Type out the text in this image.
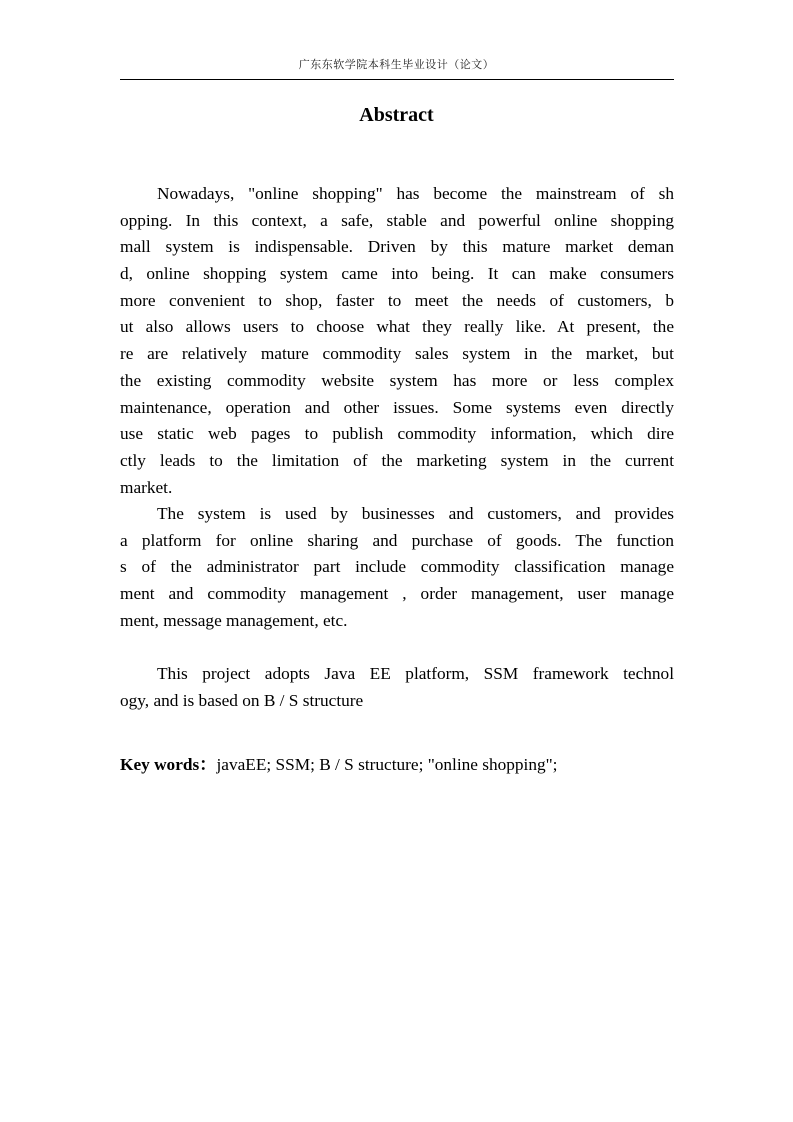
广东东软学院本科生毕业设计（论文）
Abstract
Nowadays, "online shopping" has become the mainstream of sh
opping. In this context, a safe, stable and powerful online shopping
mall system is indispensable. Driven by this mature market deman
d, online shopping system came into being. It can make consumers
more convenient to shop, faster to meet the needs of customers, b
ut also allows users to choose what they really like. At present, the
re are relatively mature commodity sales system in the market, but
the existing commodity website system has more or less complex
maintenance, operation and other issues. Some systems even directly
use static web pages to publish commodity information, which dire
ctly leads to the limitation of the marketing system in the current
market.
The system is used by businesses and customers, and provides
a platform for online sharing and purchase of goods. The function
s of the administrator part include commodity classification manage
ment and commodity management , order management, user manage
ment, message management, etc.
This project adopts Java EE platform, SSM framework technol
ogy, and is based on B / S structure
Key words：javaEE; SSM; B / S structure; "online shopping";
